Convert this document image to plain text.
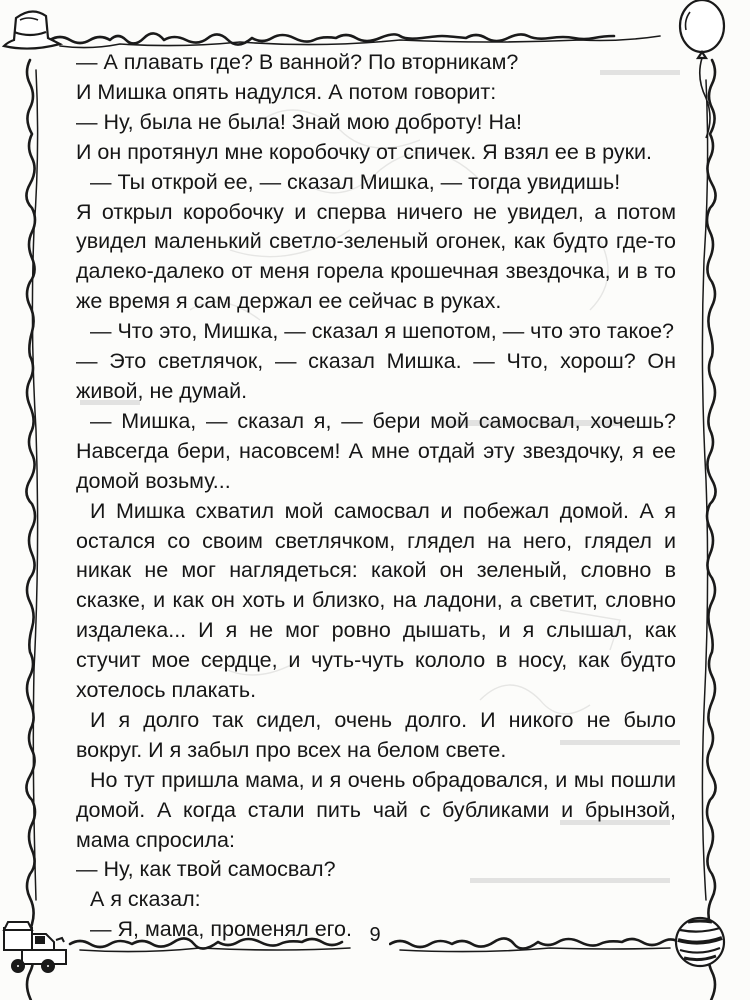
— А плавать где? В ванной? По вторникам?

И Мишка опять надулся. А потом говорит:

— Ну, была не была! Знай мою доброту! На!

И он протянул мне коробочку от спичек. Я взял ее в руки.

— Ты открой ее, — сказал Мишка, — тогда увидишь!

Я открыл коробочку и сперва ничего не увидел, а потом увидел маленький светло-зеленый огонек, как будто где-то далеко-далеко от меня горела крошечная звездочка, и в то же время я сам держал ее сейчас в руках.

— Что это, Мишка, — сказал я шепотом, — что это такое?

— Это светлячок, — сказал Мишка. — Что, хорош? Он живой, не думай.

— Мишка, — сказал я, — бери мой самосвал, хочешь? Навсегда бери, насовсем! А мне отдай эту звездочку, я ее домой возьму...

И Мишка схватил мой самосвал и побежал домой. А я остался со своим светлячком, глядел на него, глядел и никак не мог наглядеться: какой он зеленый, словно в сказке, и как он хоть и близко, на ладони, а светит, словно издалека... И я не мог ровно дышать, и я слышал, как стучит мое сердце, и чуть-чуть кололо в носу, как будто хотелось плакать.

И я долго так сидел, очень долго. И никого не было вокруг. И я забыл про всех на белом свете.

Но тут пришла мама, и я очень обрадовался, и мы пошли домой. А когда стали пить чай с бубликами и брынзой, мама спросила:

— Ну, как твой самосвал?

А я сказал:

— Я, мама, променял его. 9
